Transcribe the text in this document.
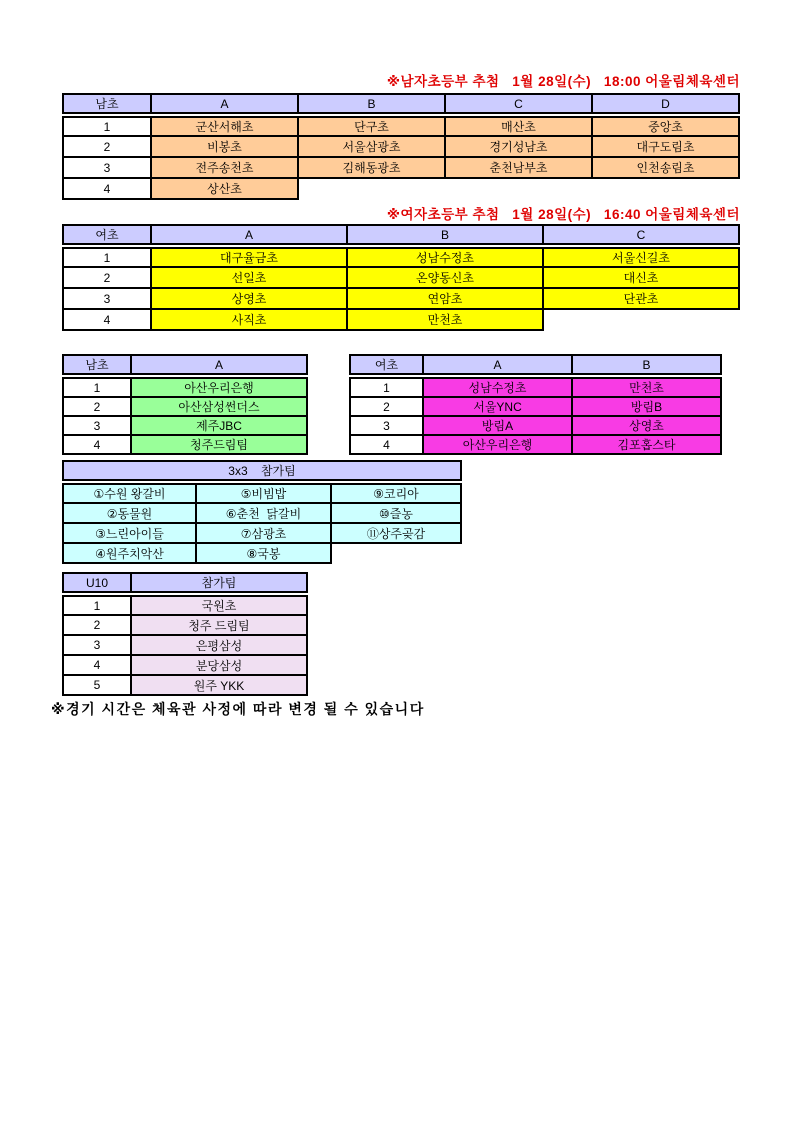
※남자초등부 추첨   1월 28일(수)   18:00 어울림체육센터
남초	A	B	C	D
1	군산서해초	단구초	매산초	중앙초
2	비봉초	서울삼광초	경기성남초	대구도림초
3	전주송천초	김해동광초	춘천남부초	인천송림초
4	상산초			
※여자초등부 추첨   1월 28일(수)   16:40 어울림체육센터
여초	A	B	C
1	대구율금초	성남수정초	서울신길초
2	선일초	온양동신초	대신초
3	상영초	연암초	단관초
4	사직초	만천초	
남초	A
1	아산우리은행
2	아산삼성썬더스
3	제주JBC
4	청주드림팀
여초	A	B
1	성남수정초	만천초
2	서울YNC	방림B
3	방림A	상영초
4	아산우리은행	김포홉스타
3x3    참가팀		
①수원 왕갈비	⑤비빔밥	⑨코리아
②동물원	⑥춘천  닭갈비	⑩즐농
③느린아이들	⑦삼광초	⑪상주곶감
④원주치악산	⑧국봉	
U10	참가팀
1	국원초
2	청주 드림팀
3	은평삼성
4	분당삼성
5	원주 YKK
※경기 시간은 체육관 사정에 따라 변경 될 수 있습니다
